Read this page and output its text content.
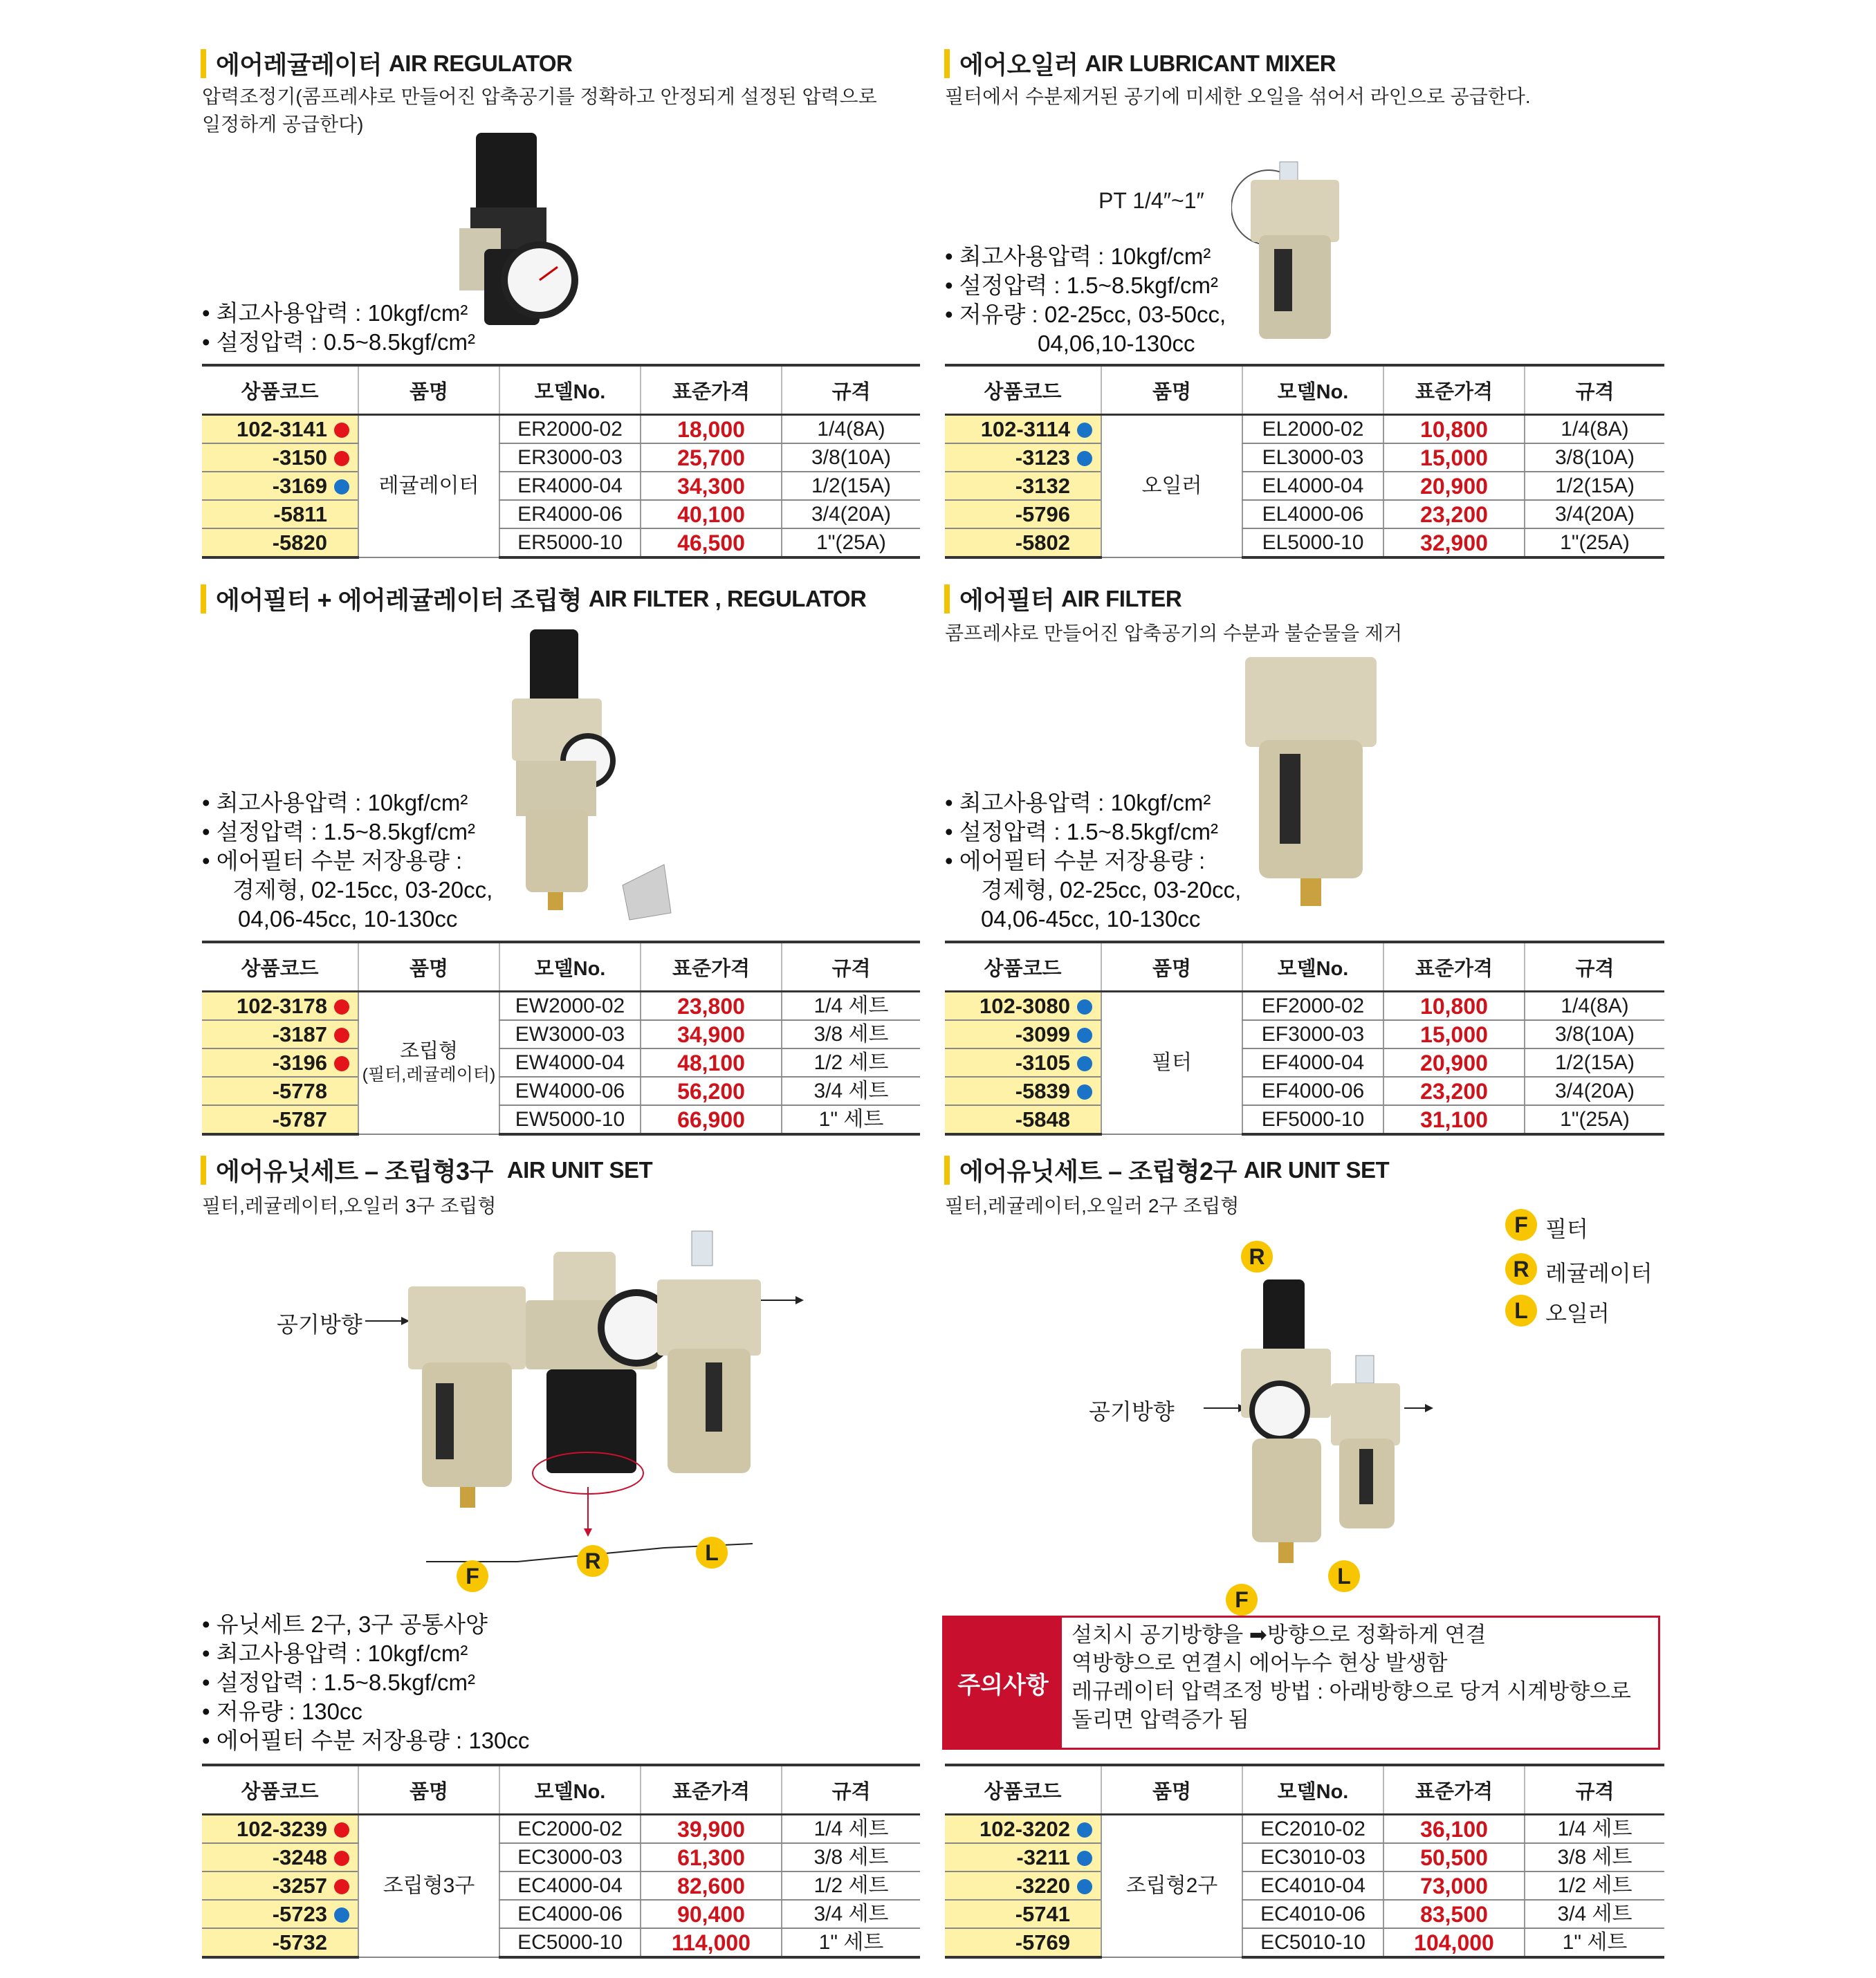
에어레귤레이터 AIR REGULATOR
압력조정기(콤프레샤로 만들어진 압축공기를 정확하고 안정되게 설정된 압력으로 일정하게 공급한다)
• 최고사용압력 : 10kgf/cm²
• 설정압력 : 0.5~8.5kgf/cm²
상품코드	품명	모델No.	표준가격	규격
102-3141	레귤레이터	ER2000-02	18,000	1/4(8A)
-3150		ER3000-03	25,700	3/8(10A)
-3169		ER4000-04	34,300	1/2(15A)
-5811		ER4000-06	40,100	3/4(20A)
-5820		ER5000-10	46,500	1"(25A)
에어오일러 AIR LUBRICANT MIXER
필터에서 수분제거된 공기에 미세한 오일을 섞어서 라인으로 공급한다.
PT 1/4″~1″
• 최고사용압력 : 10kgf/cm²
• 설정압력 : 1.5~8.5kgf/cm²
• 저유량 : 02-25cc, 03-50cc,
04,06,10-130cc
상품코드	품명	모델No.	표준가격	규격
102-3114	오일러	EL2000-02	10,800	1/4(8A)
-3123		EL3000-03	15,000	3/8(10A)
-3132		EL4000-04	20,900	1/2(15A)
-5796		EL4000-06	23,200	3/4(20A)
-5802		EL5000-10	32,900	1"(25A)
에어필터 + 에어레귤레이터 조립형 AIR FILTER , REGULATOR
• 최고사용압력 : 10kgf/cm²
• 설정압력 : 1.5~8.5kgf/cm²
• 에어필터 수분 저장용량 :
경제형, 02-15cc, 03-20cc,
04,06-45cc, 10-130cc
상품코드	품명	모델No.	표준가격	규격
102-3178	조립형
(필터,레귤레이터)	EW2000-02	23,800	1/4 세트
-3187		EW3000-03	34,900	3/8 세트
-3196		EW4000-04	48,100	1/2 세트
-5778		EW4000-06	56,200	3/4 세트
-5787		EW5000-10	66,900	1" 세트
에어필터 AIR FILTER
콤프레샤로 만들어진 압축공기의 수분과 불순물을 제거
• 최고사용압력 : 10kgf/cm²
• 설정압력 : 1.5~8.5kgf/cm²
• 에어필터 수분 저장용량 :
경제형, 02-25cc, 03-20cc,
04,06-45cc, 10-130cc
상품코드	품명	모델No.	표준가격	규격
102-3080	필터	EF2000-02	10,800	1/4(8A)
-3099		EF3000-03	15,000	3/8(10A)
-3105		EF4000-04	20,900	1/2(15A)
-5839		EF4000-06	23,200	3/4(20A)
-5848		EF5000-10	31,100	1"(25A)
에어유닛세트 – 조립형3구 AIR UNIT SET
필터,레귤레이터,오일러 3구 조립형
공기방향
F
R	L
• 유닛세트 2구, 3구 공통사양
• 최고사용압력 : 10kgf/cm²
• 설정압력 : 1.5~8.5kgf/cm²
• 저유량 : 130cc
• 에어필터 수분 저장용량 : 130cc
상품코드	품명	모델No.	표준가격	규격
102-3239	조립형3구	EC2000-02	39,900	1/4 세트
-3248		EC3000-03	61,300	3/8 세트
-3257		EC4000-04	82,600	1/2 세트
-5723		EC4000-06	90,400	3/4 세트
-5732		EC5000-10	114,000	1" 세트
에어유닛세트 – 조립형2구 AIR UNIT SET
필터,레귤레이터,오일러 2구 조립형
F 필터
R 레귤레이터
L 오일러
R
공기방향
F
L
주의사항
설치시 공기방향을 ➡방향으로 정확하게 연결
역방향으로 연결시 에어누수 현상 발생함
레규레이터 압력조정 방법 : 아래방향으로 당겨 시계방향으로
돌리면 압력증가 됨
상품코드	품명	모델No.	표준가격	규격
102-3202	조립형2구	EC2010-02	36,100	1/4 세트
-3211		EC3010-03	50,500	3/8 세트
-3220		EC4010-04	73,000	1/2 세트
-5741		EC4010-06	83,500	3/4 세트
-5769		EC5010-10	104,000	1" 세트
